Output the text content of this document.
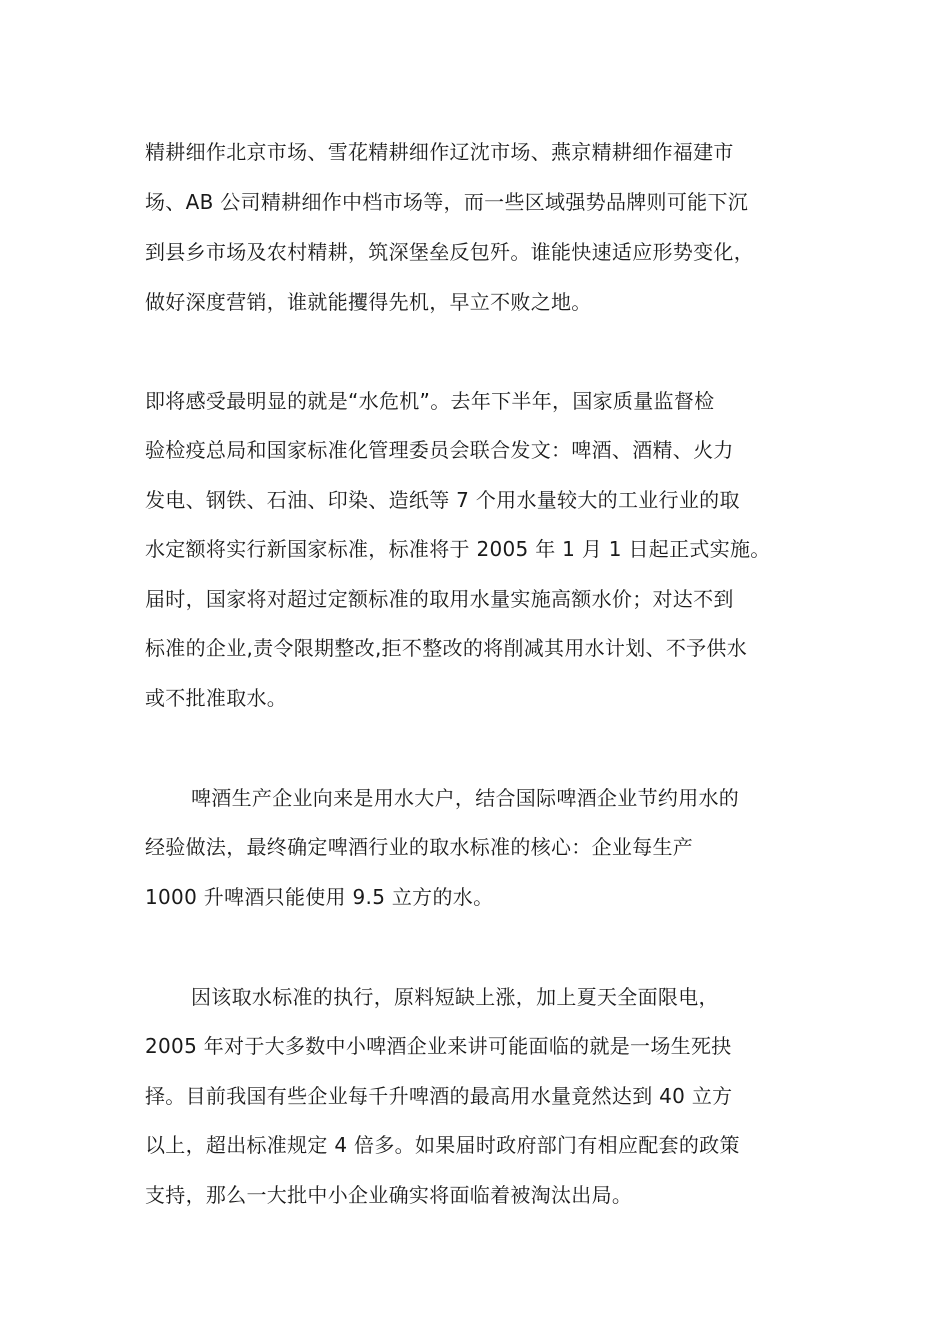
精耕细作北京市场、雪花精耕细作辽沈市场、燕京精耕细作福建市
场、AB 公司精耕细作中档市场等，而一些区域强势品牌则可能下沉
到县乡市场及农村精耕，筑深堡垒反包歼。谁能快速适应形势变化，
做好深度营销，谁就能攫得先机，早立不败之地。
即将感受最明显的就是“水危机”。去年下半年，国家质量监督检
验检疫总局和国家标准化管理委员会联合发文：啤酒、酒精、火力
发电、钢铁、石油、印染、造纸等 7 个用水量较大的工业行业的取
水定额将实行新国家标准，标准将于 2005 年 1 月 1 日起正式实施。
届时，国家将对超过定额标准的取用水量实施高额水价；对达不到
标准的企业,责令限期整改,拒不整改的将削减其用水计划、不予供水
或不批准取水。
啤酒生产企业向来是用水大户，结合国际啤酒企业节约用水的
经验做法，最终确定啤酒行业的取水标准的核心：企业每生产
1000 升啤酒只能使用 9.5 立方的水。
因该取水标准的执行，原料短缺上涨，加上夏天全面限电，
2005 年对于大多数中小啤酒企业来讲可能面临的就是一场生死抉
择。目前我国有些企业每千升啤酒的最高用水量竟然达到 40 立方
以上，超出标准规定 4 倍多。如果届时政府部门有相应配套的政策
支持，那么一大批中小企业确实将面临着被淘汰出局。
